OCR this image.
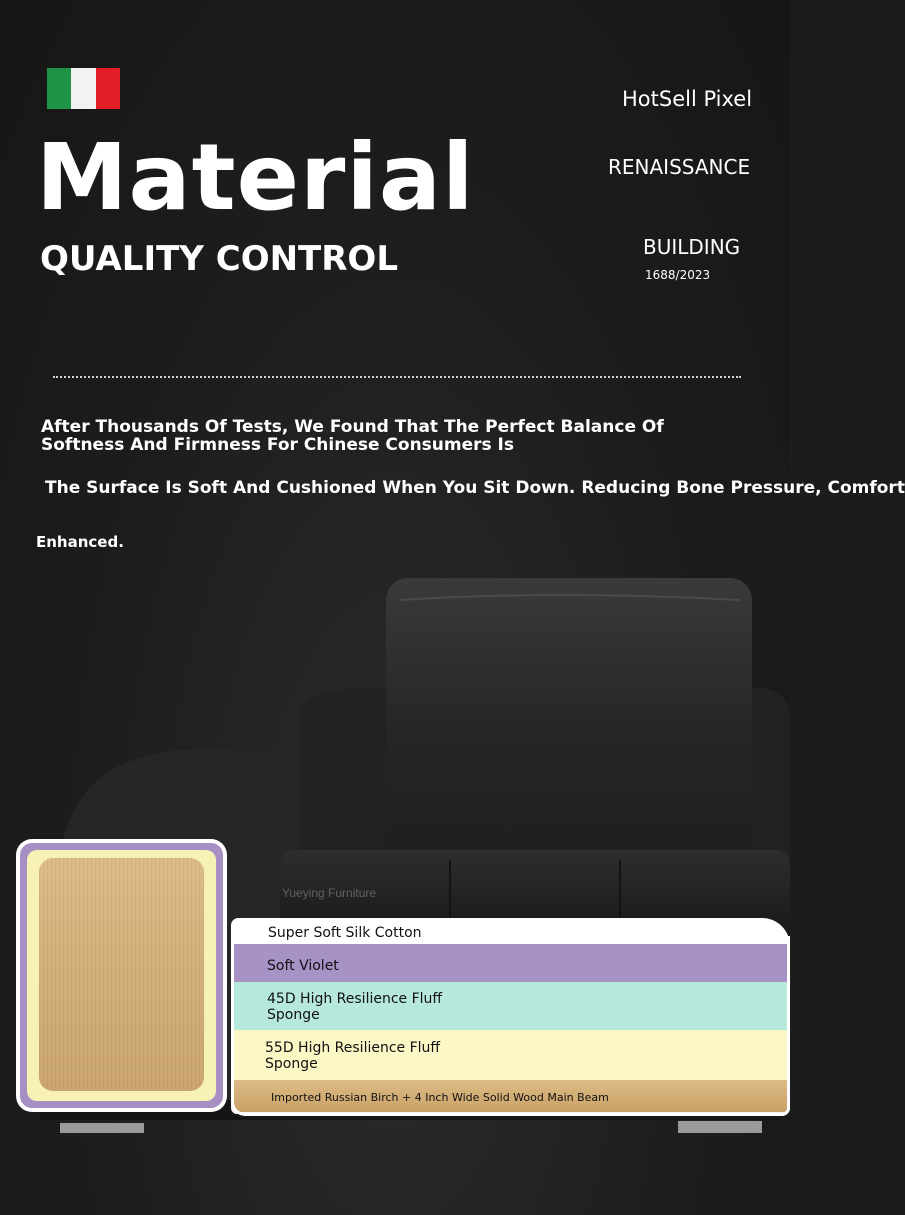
Material
QUALITY CONTROL
HotSell Pixel
RENAISSANCE
BUILDING
1688/2023
After Thousands Of Tests, We Found That The Perfect Balance Of Softness And Firmness For Chinese Consumers Is
The Surface Is Soft And Cushioned When You Sit Down. Reducing Bone Pressure, Comfort
Enhanced.
Yueying Furniture
Super Soft Silk Cotton
Soft Violet
45D High Resilience Fluff Sponge
55D High Resilience Fluff Sponge
Imported Russian Birch + 4 Inch Wide Solid Wood Main Beam
